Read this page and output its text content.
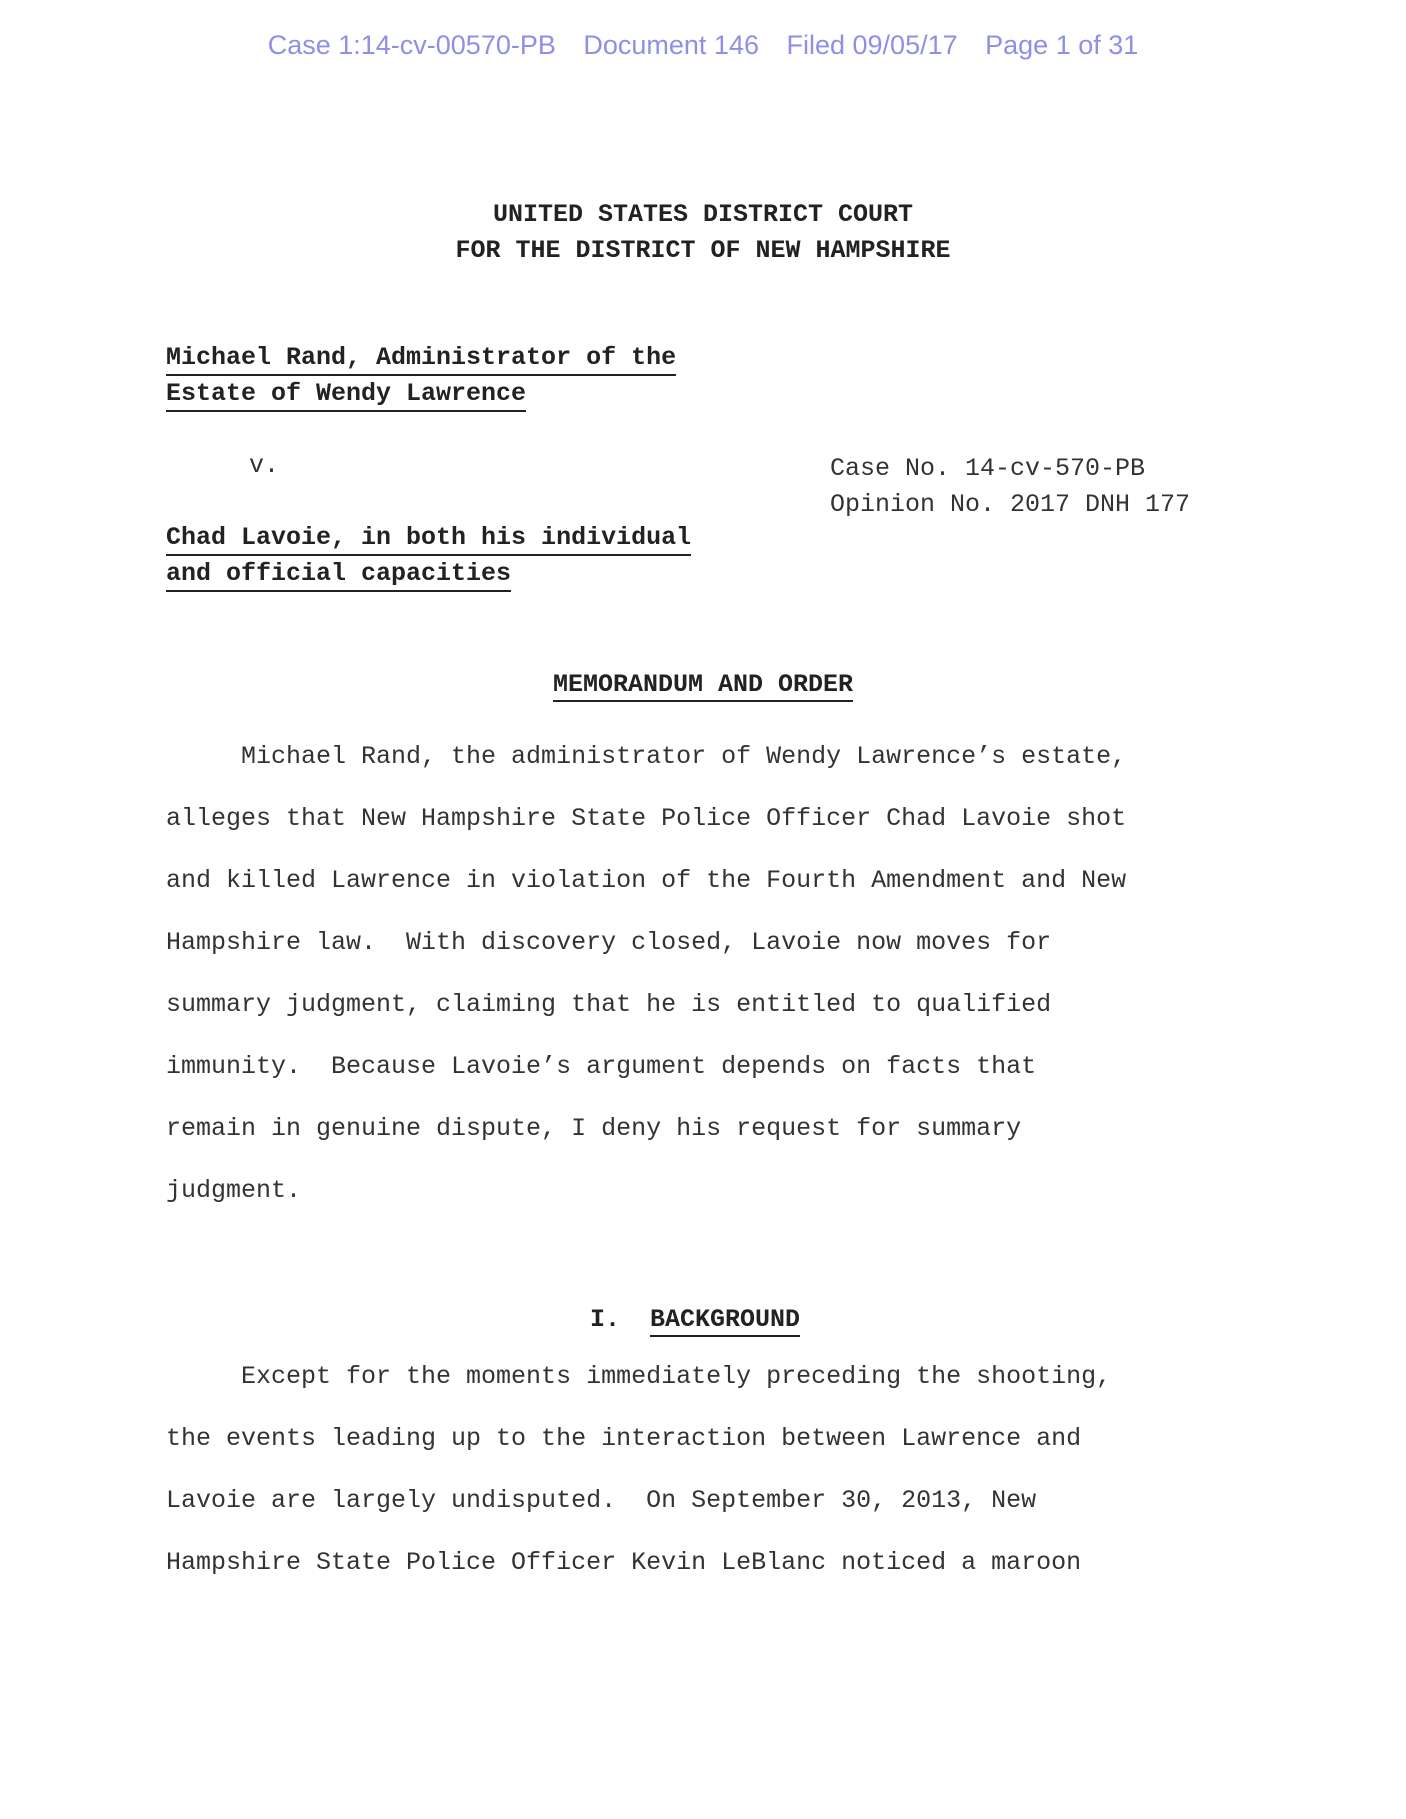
Case 1:14-cv-00570-PB Document 146 Filed 09/05/17 Page 1 of 31
UNITED STATES DISTRICT COURT
FOR THE DISTRICT OF NEW HAMPSHIRE
Michael Rand, Administrator of the
Estate of Wendy Lawrence
v.	Case No. 14-cv-570-PB
Opinion No. 2017 DNH 177
Chad Lavoie, in both his individual
and official capacities
MEMORANDUM AND ORDER
Michael Rand, the administrator of Wendy Lawrence’s estate,
alleges that New Hampshire State Police Officer Chad Lavoie shot
and killed Lawrence in violation of the Fourth Amendment and New
Hampshire law.  With discovery closed, Lavoie now moves for
summary judgment, claiming that he is entitled to qualified
immunity.  Because Lavoie’s argument depends on facts that
remain in genuine dispute, I deny his request for summary
judgment.
I. BACKGROUND
Except for the moments immediately preceding the shooting,
the events leading up to the interaction between Lawrence and
Lavoie are largely undisputed.  On September 30, 2013, New
Hampshire State Police Officer Kevin LeBlanc noticed a maroon
